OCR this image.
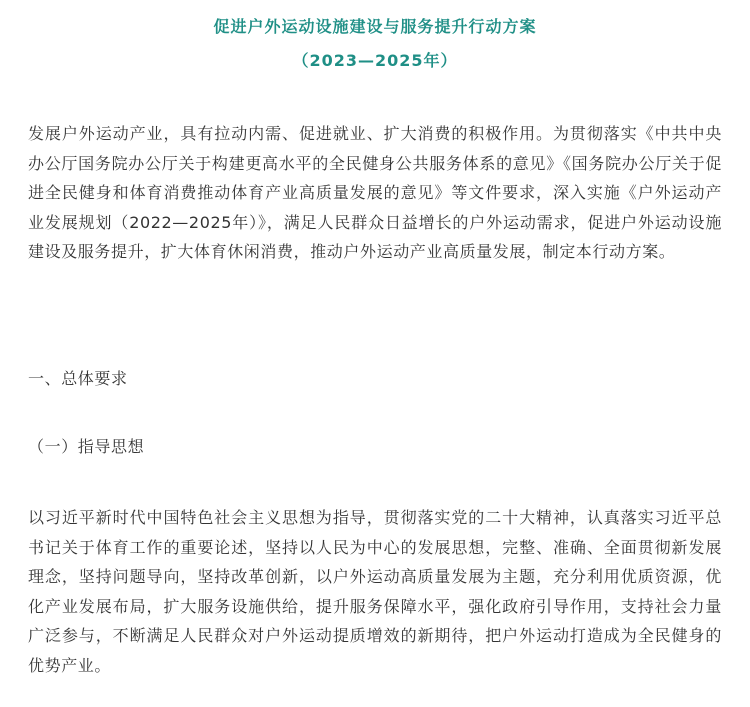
促进户外运动设施建设与服务提升行动方案
（2023—2025年）

发展户外运动产业，具有拉动内需、促进就业、扩大消费的积极作用。为贯彻落实《中共中央办公厅国务院办公厅关于构建更高水平的全民健身公共服务体系的意见》《国务院办公厅关于促进全民健身和体育消费推动体育产业高质量发展的意见》等文件要求，深入实施《户外运动产业发展规划（2022—2025年）》，满足人民群众日益增长的户外运动需求，促进户外运动设施建设及服务提升，扩大体育休闲消费，推动户外运动产业高质量发展，制定本行动方案。

一、总体要求
（一）指导思想

以习近平新时代中国特色社会主义思想为指导，贯彻落实党的二十大精神，认真落实习近平总书记关于体育工作的重要论述，坚持以人民为中心的发展思想，完整、准确、全面贯彻新发展理念，坚持问题导向，坚持改革创新，以户外运动高质量发展为主题，充分利用优质资源，优化产业发展布局，扩大服务设施供给，提升服务保障水平，强化政府引导作用，支持社会力量广泛参与，不断满足人民群众对户外运动提质增效的新期待，把户外运动打造成为全民健身的优势产业。
